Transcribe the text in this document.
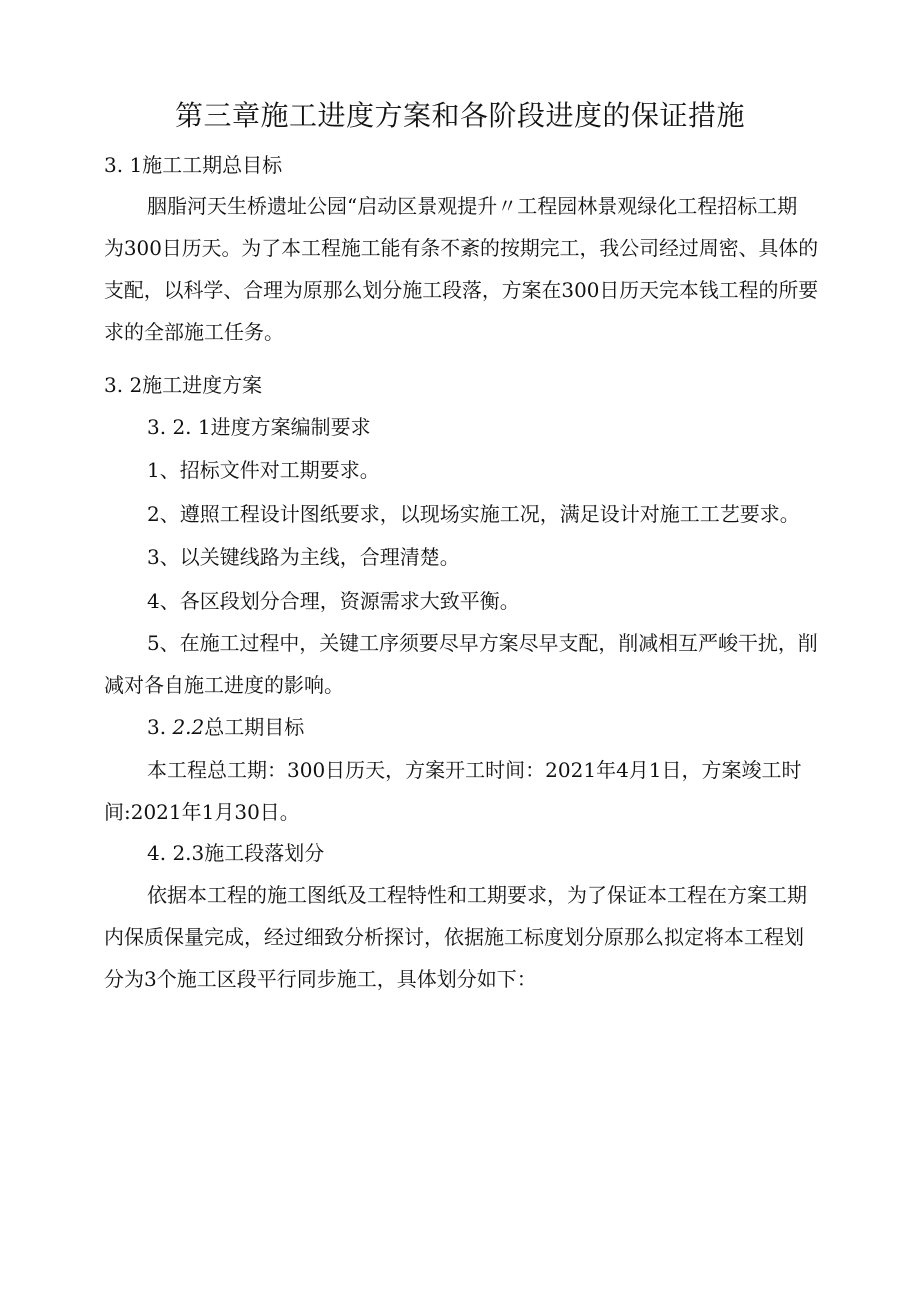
第三章施工进度方案和各阶段进度的保证措施
3. 1施工工期总目标
胭脂河天生桥遗址公园“启动区景观提升〃工程园林景观绿化工程招标工期
为300日历天。为了本工程施工能有条不紊的按期完工，我公司经过周密、具体的
支配，以科学、合理为原那么划分施工段落，方案在300日历天完本钱工程的所要
求的全部施工任务。
3. 2施工进度方案
3. 2. 1进度方案编制要求
1、招标文件对工期要求。
2、遵照工程设计图纸要求，以现场实施工况，满足设计对施工工艺要求。
3、以关键线路为主线，合理清楚。
4、各区段划分合理，资源需求大致平衡。
5、在施工过程中，关键工序须要尽早方案尽早支配，削减相互严峻干扰，削
减对各自施工进度的影响。
3. 2.2总工期目标
本工程总工期：300日历天，方案开工时间：2021年4月1日，方案竣工时
间:2021年1月30日。
4. 2.3施工段落划分
依据本工程的施工图纸及工程特性和工期要求，为了保证本工程在方案工期
内保质保量完成，经过细致分析探讨，依据施工标度划分原那么拟定将本工程划
分为3个施工区段平行同步施工，具体划分如下：
